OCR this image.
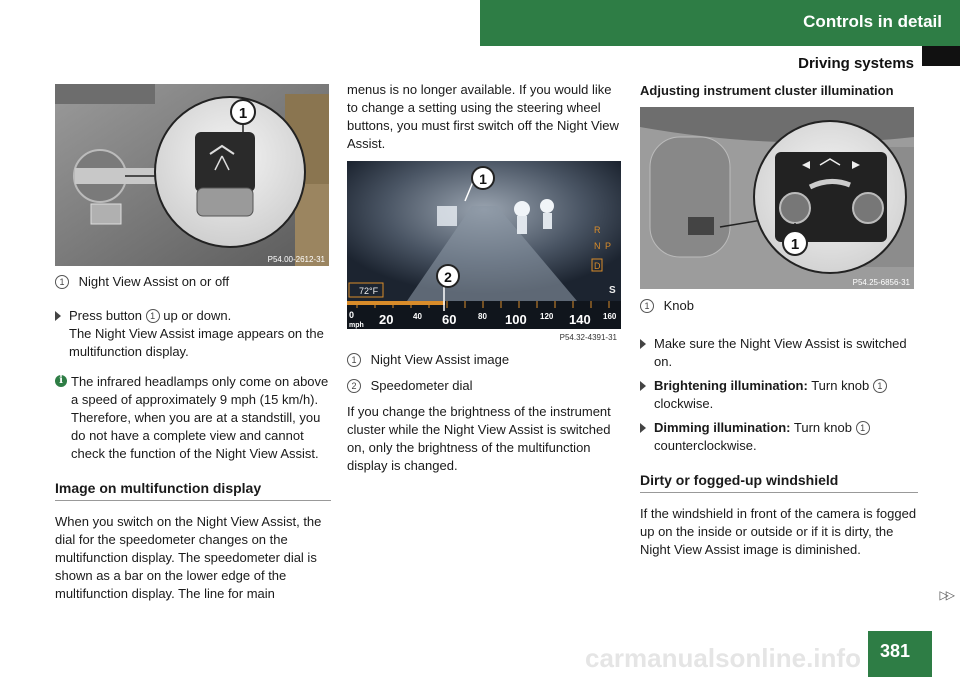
Controls in detail
Driving systems
1
P54.00-2612-31

1 Night View Assist on or off

Press button 1 up or down.
The Night View Assist image appears on the multifunction display.
i The infrared headlamps only come on above a speed of approximately 9 mph (15 km/h). Therefore, when you are at a standstill, you do not have a complete view and cannot check the function of the Night View Assist.
Image on multifunction display

When you switch on the Night View Assist, the dial for the speedometer changes on the multifunction display. The speedometer dial is shown as a bar on the lower edge of the multifunction display. The line for main

menus is no longer available. If you would like to change a setting using the steering wheel buttons, you must first switch off the Night View Assist.

R
N P
D
S
72°F
2
1
0
mph 20 40 60	80 100 120 140 160
P54.32-4391-31

1 Night View Assist image

2 Speedometer dial

If you change the brightness of the instrument cluster while the Night View Assist is switched on, only the brightness of the multifunction display is changed.

Adjusting instrument cluster illumination
1
P54.25-6856-31

1 Knob

Make sure the Night View Assist is switched on.
Brightening illumination: Turn knob 1
clockwise.
Dimming illumination: Turn knob 1
counterclockwise.
Dirty or fogged-up windshield

If the windshield in front of the camera is fogged up on the inside or outside or if it is dirty, the Night View Assist image is diminished.

▷▷
381
carmanualsonline.info
